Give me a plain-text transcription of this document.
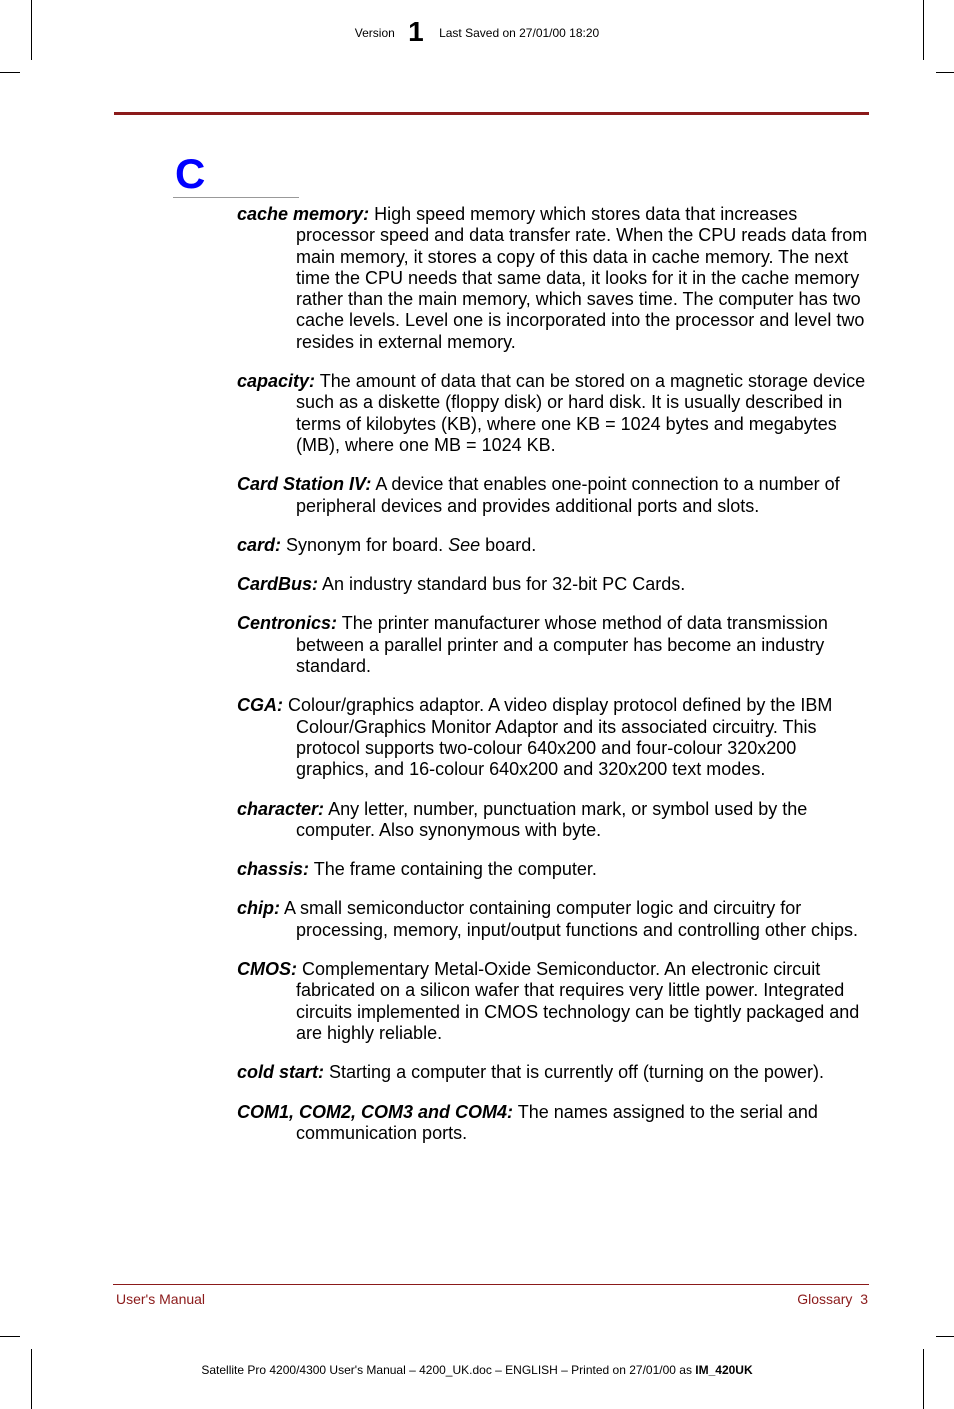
Version 1 Last Saved on 27/01/00 18:20
C

cache memory: High speed memory which stores data that increases processor speed and data transfer rate. When the CPU reads data from main memory, it stores a copy of this data in cache memory. The next time the CPU needs that same data, it looks for it in the cache memory rather than the main memory, which saves time. The computer has two cache levels. Level one is incorporated into the processor and level two resides in external memory.

capacity: The amount of data that can be stored on a magnetic storage device such as a diskette (floppy disk) or hard disk. It is usually described in terms of kilobytes (KB), where one KB = 1024 bytes and megabytes (MB), where one MB = 1024 KB.

Card Station IV: A device that enables one-point connection to a number of peripheral devices and provides additional ports and slots.

card: Synonym for board. See board.

CardBus: An industry standard bus for 32-bit PC Cards.

Centronics: The printer manufacturer whose method of data transmission between a parallel printer and a computer has become an industry standard.

CGA: Colour/graphics adaptor. A video display protocol defined by the IBM Colour/Graphics Monitor Adaptor and its associated circuitry. This protocol supports two-colour 640x200 and four-colour 320x200 graphics, and 16-colour 640x200 and 320x200 text modes.

character: Any letter, number, punctuation mark, or symbol used by the computer. Also synonymous with byte.

chassis: The frame containing the computer.

chip: A small semiconductor containing computer logic and circuitry for processing, memory, input/output functions and controlling other chips.

CMOS: Complementary Metal-Oxide Semiconductor. An electronic circuit fabricated on a silicon wafer that requires very little power. Integrated circuits implemented in CMOS technology can be tightly packaged and are highly reliable.

cold start: Starting a computer that is currently off (turning on the power).

COM1, COM2, COM3 and COM4: The names assigned to the serial and communication ports.

User's Manual	Glossary  3
Satellite Pro 4200/4300 User's Manual – 4200_UK.doc – ENGLISH – Printed on 27/01/00 as IM_420UK
